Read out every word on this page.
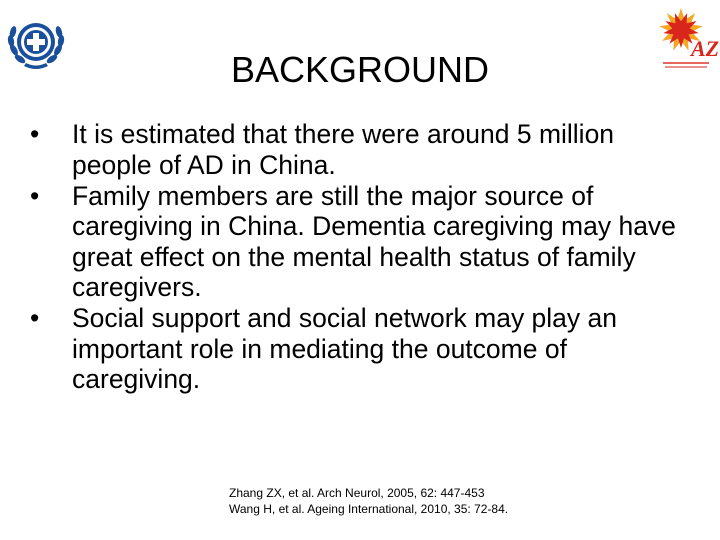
AZ
BACKGROUND
•	It is estimated that there were around 5 million people of AD in China.
•	Family members are still the major source of caregiving in China. Dementia caregiving may have great effect on the mental health status of family caregivers.
•	Social support and social network may play an important role in mediating the outcome of caregiving.
Zhang ZX, et al. Arch Neurol, 2005, 62: 447-453
Wang H, et al. Ageing International, 2010, 35: 72-84.
